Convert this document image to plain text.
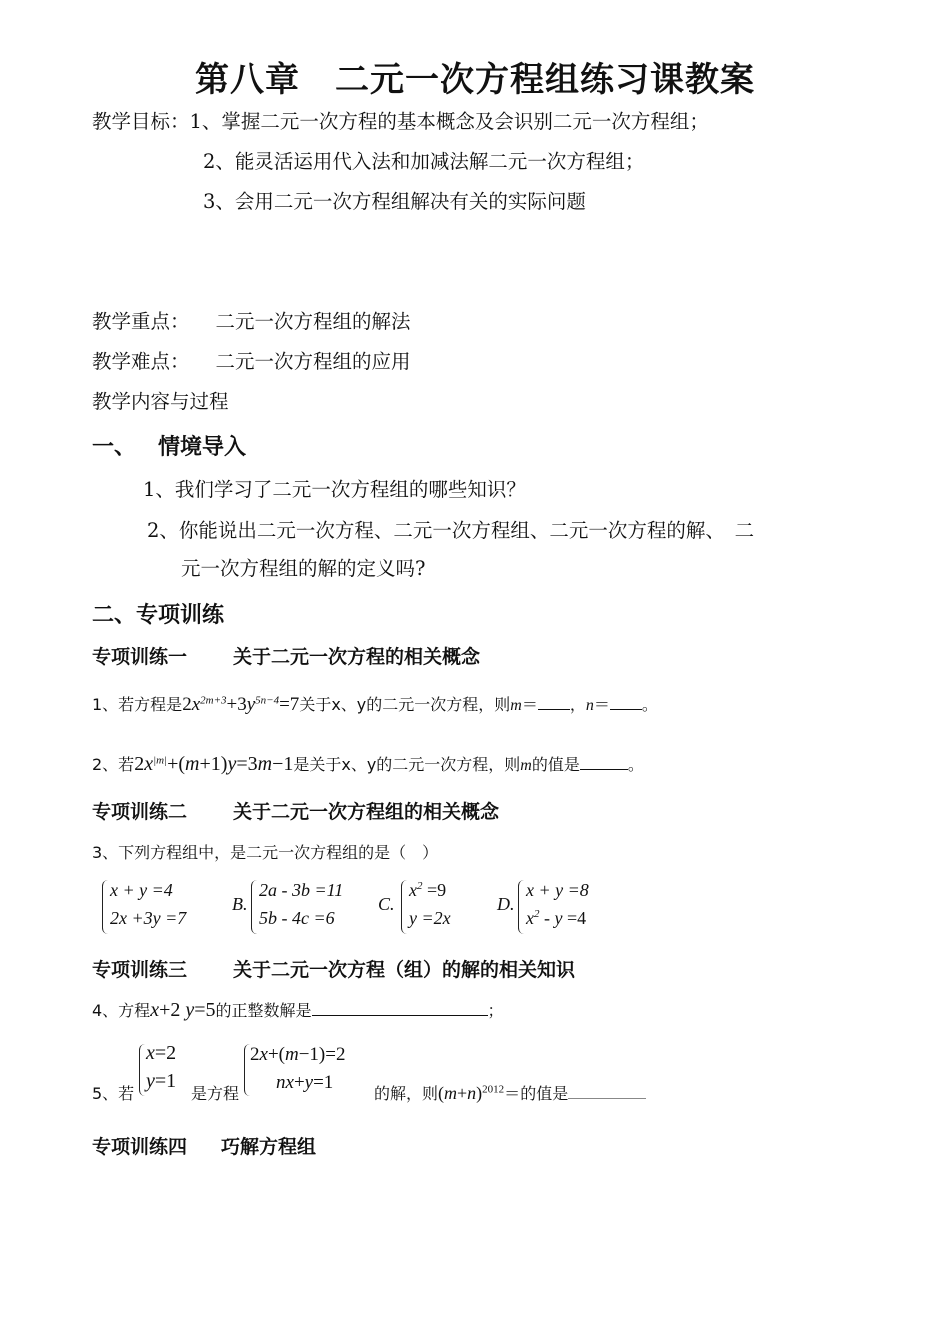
第八章　二元一次方程组练习课教案
教学目标：1、掌握二元一次方程的基本概念及会识别二元一次方程组；
2、能灵活运用代入法和加减法解二元一次方程组；
3、会用二元一次方程组解决有关的实际问题
教学重点： 二元一次方程组的解法
教学难点： 二元一次方程组的应用
教学内容与过程
一、 情境导入
1、我们学习了二元一次方程组的哪些知识？
2、你能说出二元一次方程、二元一次方程组、二元一次方程的解、　二
元一次方程组的解的定义吗?
二、专项训练
专项训练一 关于二元一次方程的相关概念
1、若方程是$2x^{2m+3}+3y^{5n-4}=7$关于x、y的二元一次方程，则m＝ ，n＝ 。
2、若$2x^{|m|}+(m+1)y=3m-1$是关于x、y的二元一次方程，则m的值是	。
专项训练二 关于二元一次方程组的相关概念
3、下列方程组中，是二元一次方程组的是（　）
x + y =4
2x +3y =7
B.
2a - 3b =11
5b - 4c =6
C.
$x^2 =9$
y =2x
D.
x + y =8
$x^2 - y =4$
专项训练三 关于二元一次方程（组）的解的相关知识
4、方程x+2 y=5的正整数解是	；
5、若
x=2
y=1
是方程
2x+(m−1)=2
nx+y=1
的解，则$(m+n)^{2012}=$的值是
专项训练四 巧解方程组
